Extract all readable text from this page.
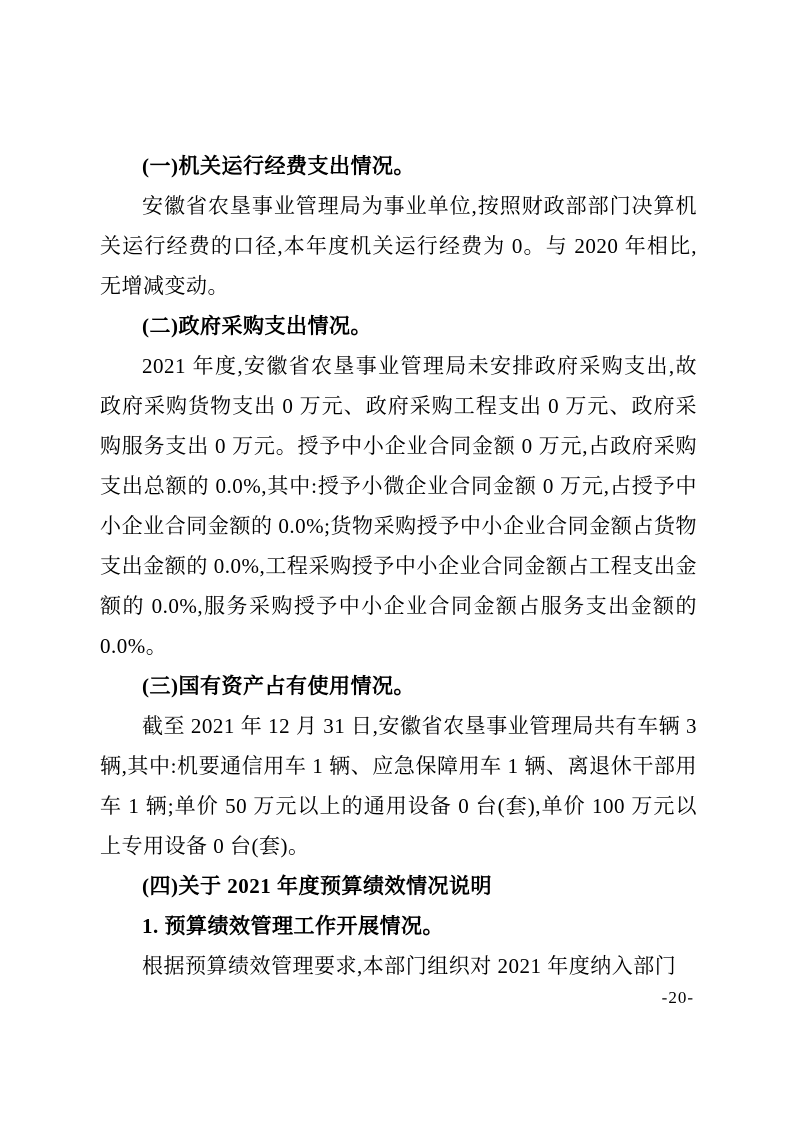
(一)机关运行经费支出情况。

安徽省农垦事业管理局为事业单位,按照财政部部门决算机关运行经费的口径,本年度机关运行经费为 0。与 2020 年相比,无增减变动。

(二)政府采购支出情况。

2021 年度,安徽省农垦事业管理局未安排政府采购支出,故政府采购货物支出 0 万元、政府采购工程支出 0 万元、政府采购服务支出 0 万元。授予中小企业合同金额 0 万元,占政府采购支出总额的 0.0%,其中:授予小微企业合同金额 0 万元,占授予中小企业合同金额的 0.0%;货物采购授予中小企业合同金额占货物支出金额的 0.0%,工程采购授予中小企业合同金额占工程支出金额的 0.0%,服务采购授予中小企业合同金额占服务支出金额的 0.0%。

(三)国有资产占有使用情况。

截至 2021 年 12 月 31 日,安徽省农垦事业管理局共有车辆 3 辆,其中:机要通信用车 1 辆、应急保障用车 1 辆、离退休干部用车 1 辆;单价 50 万元以上的通用设备 0 台(套),单价 100 万元以上专用设备 0 台(套)。

(四)关于 2021 年度预算绩效情况说明

1. 预算绩效管理工作开展情况。

根据预算绩效管理要求,本部门组织对 2021 年度纳入部门

-20-
